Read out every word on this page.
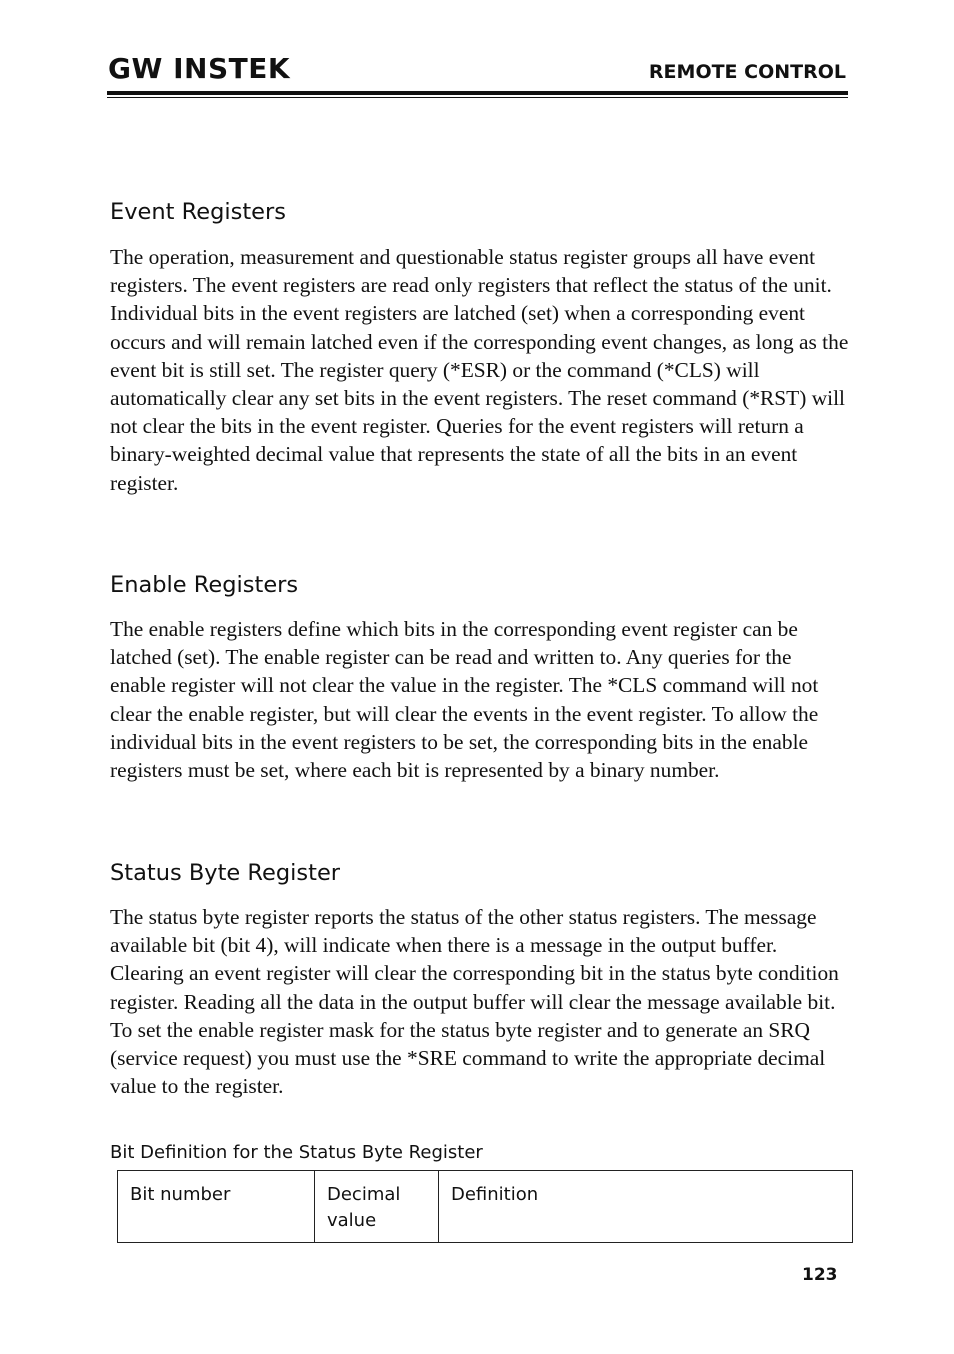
GW INSTEK	REMOTE CONTROL
Event Registers

The operation, measurement and questionable status register groups all have event registers. The event registers are read only registers that reflect the status of the unit. Individual bits in the event registers are latched (set) when a corresponding event occurs and will remain latched even if the corresponding event changes, as long as the event bit is still set. The register query (*ESR) or the command (*CLS) will automatically clear any set bits in the event registers. The reset command (*RST) will not clear the bits in the event register. Queries for the event registers will return a binary-weighted decimal value that represents the state of all the bits in an event register.

Enable Registers

The enable registers define which bits in the corresponding event register can be latched (set). The enable register can be read and written to. Any queries for the enable register will not clear the value in the register. The *CLS command will not clear the enable register, but will clear the events in the event register. To allow the individual bits in the event registers to be set, the corresponding bits in the enable registers must be set, where each bit is represented by a binary number.

Status Byte Register

The status byte register reports the status of the other status registers. The message available bit (bit 4), will indicate when there is a message in the output buffer. Clearing an event register will clear the corresponding bit in the status byte condition register. Reading all the data in the output buffer will clear the message available bit. To set the enable register mask for the status byte register and to generate an SRQ (service request) you must use the *SRE command to write the appropriate decimal value to the register.

Bit Definition for the Status Byte Register
Bit number	Decimal value	Definition
123
